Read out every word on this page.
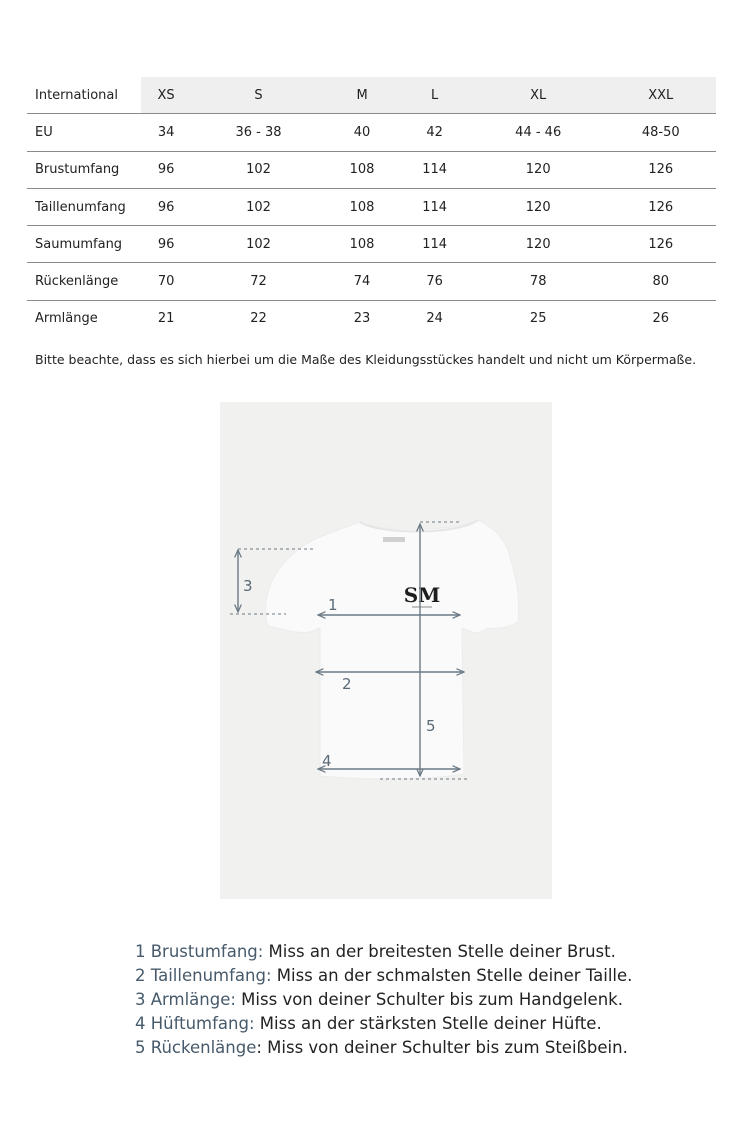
International	XS	S	M	L	XL	XXL
EU	34	36 - 38	40	42	44 - 46	48-50
Brustumfang	96	102	108	114	120	126
Taillenumfang	96	102	108	114	120	126
Saumumfang	96	102	108	114	120	126
Rückenlänge	70	72	74	76	78	80
Armlänge	21	22	23	24	25	26
Bitte beachte, dass es sich hierbei um die Maße des Kleidungsstückes handelt und nicht um Körpermaße.
SM
1
2
3
4
5
1 Brustumfang: Miss an der breitesten Stelle deiner Brust.
2 Taillenumfang: Miss an der schmalsten Stelle deiner Taille.
3 Armlänge: Miss von deiner Schulter bis zum Handgelenk.
4 Hüftumfang: Miss an der stärksten Stelle deiner Hüfte.
5 Rückenlänge: Miss von deiner Schulter bis zum Steißbein.
